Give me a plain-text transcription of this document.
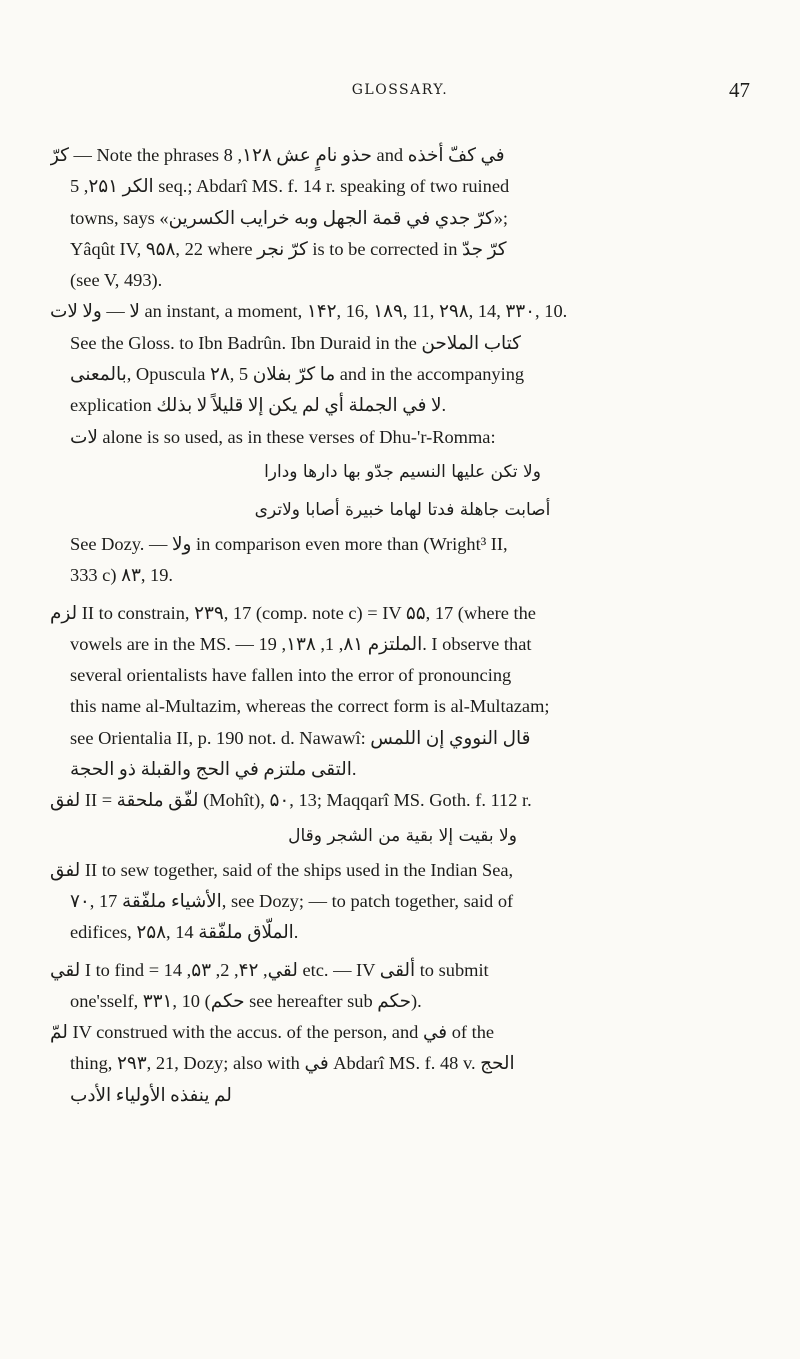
GLOSSARY.	47
كرّ — Note the phrases حذو نامٍ عش ۱۲۸, 8 and في كفّ أخذه
الكر ۲۵۱, 5 seq.; Abdarî MS. f. 14 r. speaking of two ruined
towns, says «كرّ جدي في قمة الجهل وبه خرايب الكسرين»;
Yâqût IV, ۹۵۸, 22 where كرّ نجر is to be corrected in كرّ جدّ
(see V, 493).
لا — ولا لات an instant, a moment, ۱۴۲, 16, ۱۸۹, 11, ۲۹۸, 14, ۳۳۰, 10.
See the Gloss. to Ibn Badrûn. Ibn Duraid in the كتاب الملاحن
بالمعنى, Opuscula ۲۸, 5 ما كرّ بفلان and in the accompanying
explication لا في الجملة أي لم يكن إلا قليلاً لا بذلك.
لات alone is so used, as in these verses of Dhu-'r-Romma:
ولا تكن عليها النسيم جدّو بها دارها ودارا
أصابت جاهلة فدتا لهاما خبيرة أصابا ولاترى
See Dozy. — ولا in comparison even more than (Wright³ II,
333 c) ۸۳, 19.
لزم II to constrain, ۲۳۹, 17 (comp. note c) = IV ۵۵, 17 (where the
vowels are in the MS. — الملتزم ۸۱, 1, ۱۳۸, 19. I observe that
several orientalists have fallen into the error of pronouncing
this name al-Multazim, whereas the correct form is al-Multazam;
see Orientalia II, p. 190 not. d. Nawawî: قال النووي إن اللمس
التقى ملتزم في الحج والقبلة ذو الحجة.
لفق II = لفّق ملحقة (Mohît), ۵۰, 13; Maqqarî MS. Goth. f. 112 r.
ولا بقيت إلا بقية من الشجر وقال
لفق II to sew together, said of the ships used in the Indian Sea,
۷۰, 17 الأشياء ملفّقة, see Dozy; — to patch together, said of
edifices, ۲۵۸, 14 الملّاق ملفّقة.
لقي I to find = لقي, ۴۲, 2, ۵۳, 14 etc. — IV ألقى to submit
one'sself, ۳۳۱, 10 (حكم see hereafter sub حكم).
لمّ IV construed with the accus. of the person, and في of the
thing, ۲۹۳, 21, Dozy; also with في Abdarî MS. f. 48 v. الحج
لم ينفذه الأولياء الأدب
